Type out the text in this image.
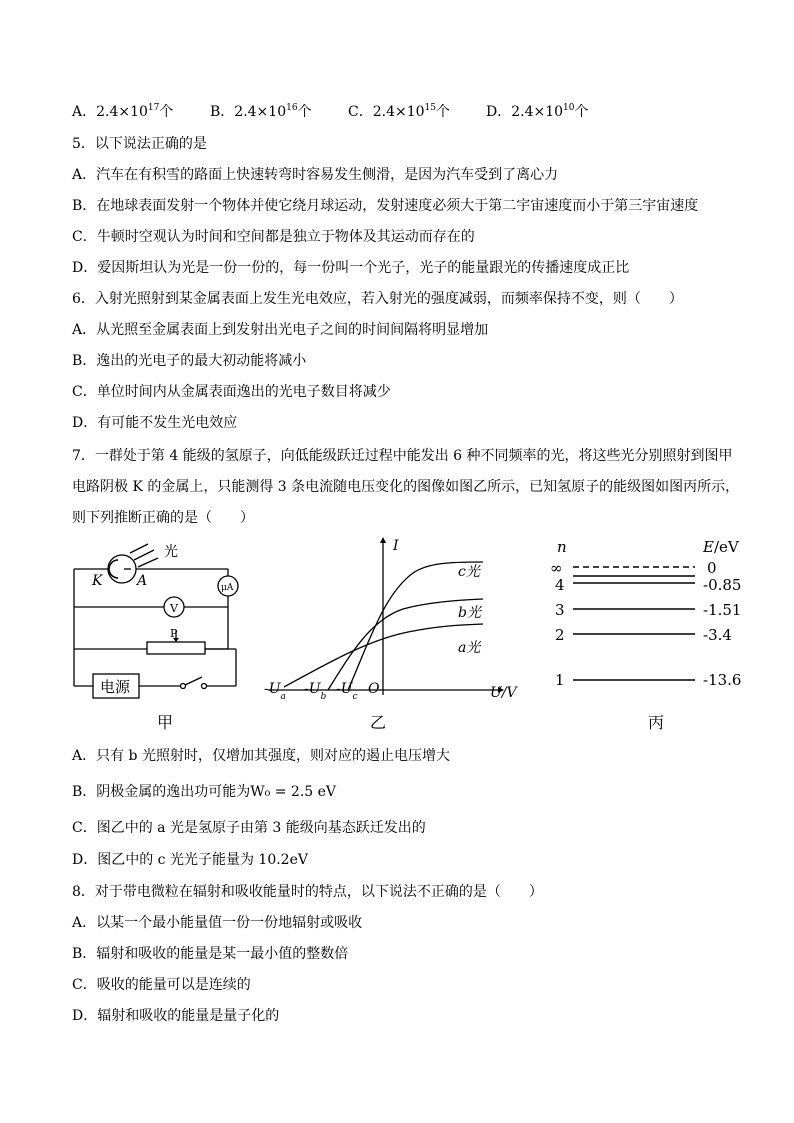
A．$2.4\times 10^{17}$个	B．$2.4\times 10^{16}$个	C．$2.4\times 10^{15}$个	D．$2.4\times 10^{10}$个
5．以下说法正确的是
A．汽车在有积雪的路面上快速转弯时容易发生侧滑，是因为汽车受到了离心力
B．在地球表面发射一个物体并使它绕月球运动，发射速度必须大于第二宇宙速度而小于第三宇宙速度
C．牛顿时空观认为时间和空间都是独立于物体及其运动而存在的
D．爱因斯坦认为光是一份一份的，每一份叫一个光子，光子的能量跟光的传播速度成正比
6．入射光照射到某金属表面上发生光电效应，若入射光的强度减弱，而频率保持不变，则（　　）
A．从光照至金属表面上到发射出光电子之间的时间间隔将明显增加
B．逸出的光电子的最大初动能将减小
C．单位时间内从金属表面逸出的光电子数目将减少
D．有可能不发生光电效应
7．一群处于第 4 能级的氢原子，向低能级跃迁过程中能发出 6 种不同频率的光，将这些光分别照射到图甲
电路阴极 K 的金属上，只能测得 3 条电流随电压变化的图像如图乙所示，已知氢原子的能级图如图丙所示，
则下列推断正确的是（　　）
光
K A
V
μA
P
电源
甲
I
c光
b光
a光
$-U_a$ $-U_b$ $-U_c$ O	U/V
乙
n	E/eV
∞	0
4	-0.85
3	-1.51
2	-3.4
1	-13.6
丙
A．只有 b 光照射时，仅增加其强度，则对应的遏止电压增大
B．阴极金属的逸出功可能为W₀ = 2.5 eV
C．图乙中的 a 光是氢原子由第 3 能级向基态跃迁发出的
D．图乙中的 c 光光子能量为 10.2eV
8．对于带电微粒在辐射和吸收能量时的特点，以下说法不正确的是（　　）
A．以某一个最小能量值一份一份地辐射或吸收
B．辐射和吸收的能量是某一最小值的整数倍
C．吸收的能量可以是连续的
D．辐射和吸收的能量是量子化的
